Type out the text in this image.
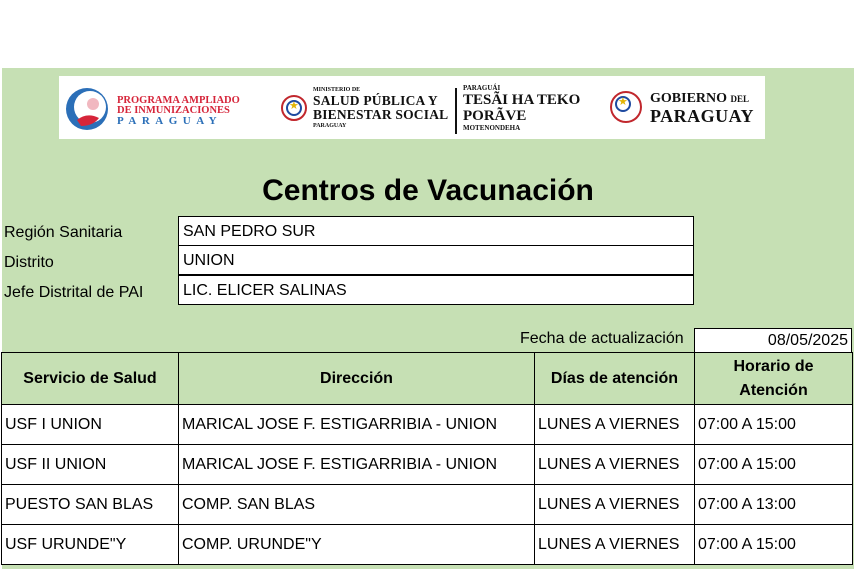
PROGRAMA AMPLIADO
DE INMUNIZACIONES
PARAGUAY
★
MINISTERIO DE
SALUD PÚBLICA Y
BIENESTAR SOCIAL
PARAGUAY
PARAGUÁI
TESÃI HA TEKO
PORÃVE
MOTENONDEHA
★
GOBIERNO DEL
PARAGUAY
Centros de Vacunación
Región Sanitaria	SAN PEDRO SUR
Distrito	UNION
Jefe Distrital de PAI	LIC. ELICER SALINAS
Fecha de actualización	08/05/2025
Servicio de Salud	Dirección	Días de atención	Horario de Atención
USF I UNION	MARICAL JOSE F. ESTIGARRIBIA - UNION	LUNES A VIERNES	07:00 A 15:00
USF II UNION	MARICAL JOSE F. ESTIGARRIBIA - UNION	LUNES A VIERNES	07:00 A 15:00
PUESTO SAN BLAS	COMP. SAN BLAS	LUNES A VIERNES	07:00 A 13:00
USF URUNDE"Y	COMP. URUNDE"Y	LUNES A VIERNES	07:00 A 15:00
